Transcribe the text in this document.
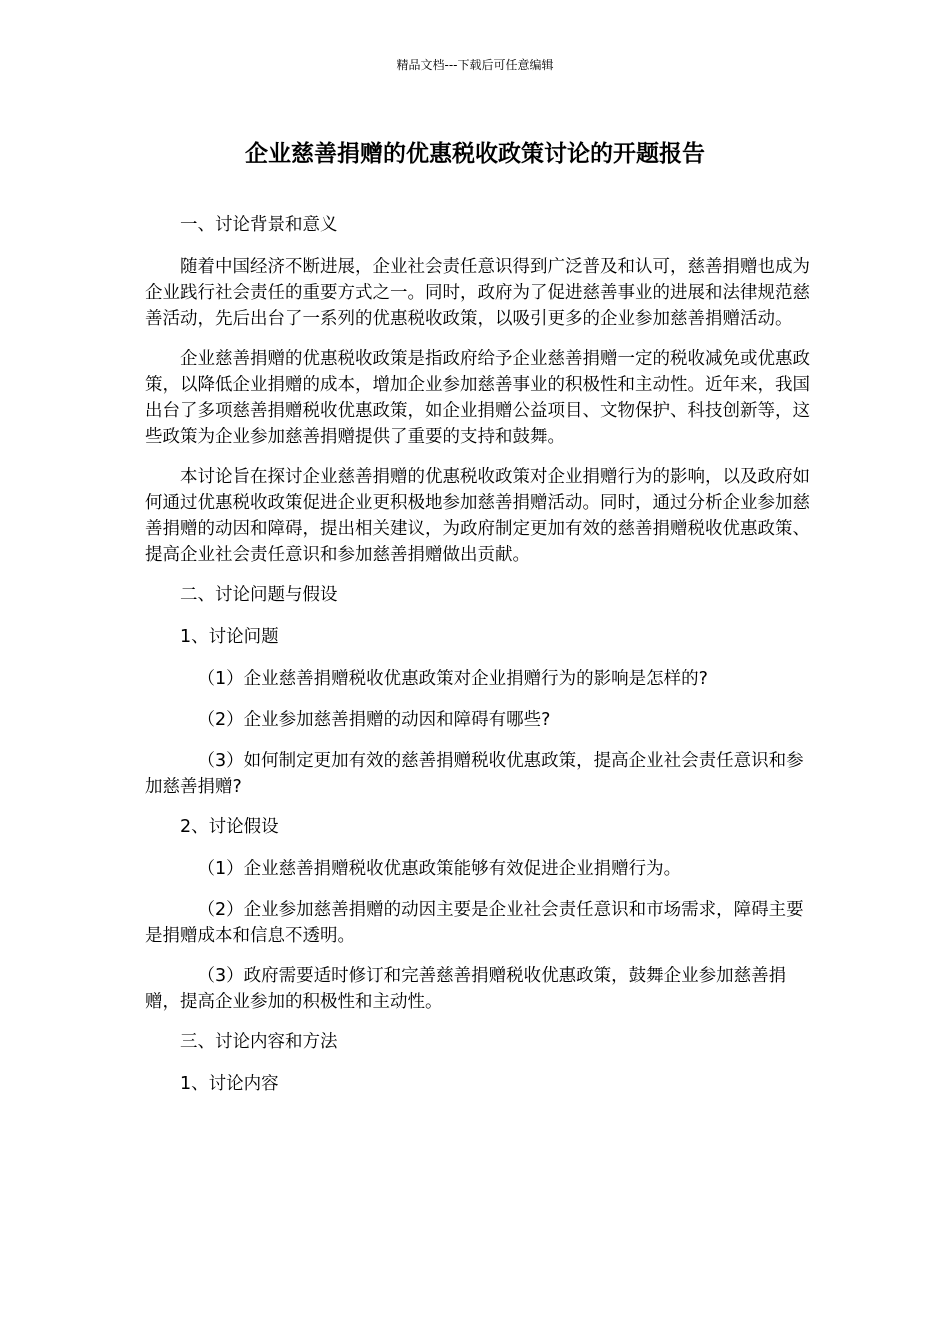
精品文档---下载后可任意编辑
企业慈善捐赠的优惠税收政策讨论的开题报告

一、讨论背景和意义

随着中国经济不断进展，企业社会责任意识得到广泛普及和认可，慈善捐赠也成为企业践行社会责任的重要方式之一。同时，政府为了促进慈善事业的进展和法律规范慈善活动，先后出台了一系列的优惠税收政策，以吸引更多的企业参加慈善捐赠活动。

企业慈善捐赠的优惠税收政策是指政府给予企业慈善捐赠一定的税收减免或优惠政策，以降低企业捐赠的成本，增加企业参加慈善事业的积极性和主动性。近年来，我国出台了多项慈善捐赠税收优惠政策，如企业捐赠公益项目、文物保护、科技创新等，这些政策为企业参加慈善捐赠提供了重要的支持和鼓舞。

本讨论旨在探讨企业慈善捐赠的优惠税收政策对企业捐赠行为的影响，以及政府如何通过优惠税收政策促进企业更积极地参加慈善捐赠活动。同时，通过分析企业参加慈善捐赠的动因和障碍，提出相关建议，为政府制定更加有效的慈善捐赠税收优惠政策、提高企业社会责任意识和参加慈善捐赠做出贡献。

二、讨论问题与假设

1、讨论问题

（1）企业慈善捐赠税收优惠政策对企业捐赠行为的影响是怎样的?

（2）企业参加慈善捐赠的动因和障碍有哪些?

（3）如何制定更加有效的慈善捐赠税收优惠政策，提高企业社会责任意识和参加慈善捐赠?

2、讨论假设

（1）企业慈善捐赠税收优惠政策能够有效促进企业捐赠行为。

（2）企业参加慈善捐赠的动因主要是企业社会责任意识和市场需求，障碍主要是捐赠成本和信息不透明。

（3）政府需要适时修订和完善慈善捐赠税收优惠政策，鼓舞企业参加慈善捐赠，提高企业参加的积极性和主动性。

三、讨论内容和方法

1、讨论内容
